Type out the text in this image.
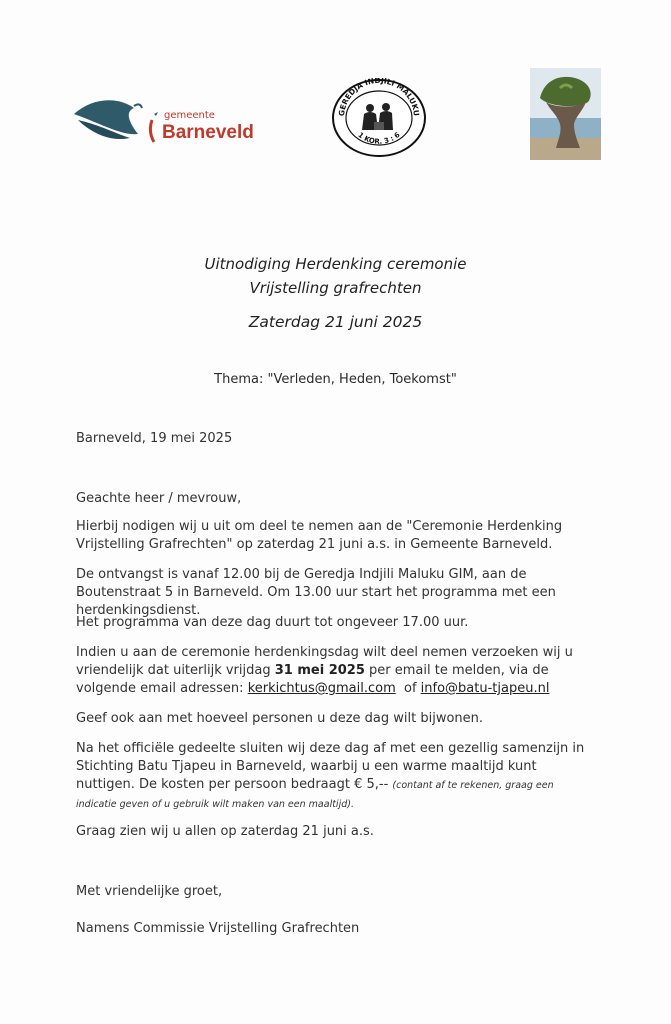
gemeente
Barneveld
GEREDJA INDJILI MALUKU
1 KOR. 3 : 6
Uitnodiging Herdenking ceremonie
Vrijstelling grafrechten
Zaterdag 21 juni 2025
Thema: "Verleden, Heden, Toekomst"
Barneveld, 19 mei 2025
Geachte heer / mevrouw,
Hierbij nodigen wij u uit om deel te nemen aan de "Ceremonie Herdenking Vrijstelling Grafrechten" op zaterdag 21 juni a.s. in Gemeente Barneveld.
De ontvangst is vanaf 12.00 bij de Geredja Indjili Maluku GIM, aan de Boutenstraat 5 in Barneveld. Om 13.00 uur start het programma met een herdenkingsdienst.
Het programma van deze dag duurt tot ongeveer 17.00 uur.
Indien u aan de ceremonie herdenkingsdag wilt deel nemen verzoeken wij u vriendelijk dat uiterlijk vrijdag 31 mei 2025 per email te melden, via de volgende email adressen: kerkichtus@gmail.com  of info@batu-tjapeu.nl
Geef ook aan met hoeveel personen u deze dag wilt bijwonen.
Na het officiële gedeelte sluiten wij deze dag af met een gezellig samenzijn in Stichting Batu Tjapeu in Barneveld, waarbij u een warme maaltijd kunt nuttigen. De kosten per persoon bedraagt € 5,-- (contant af te rekenen, graag een indicatie geven of u gebruik wilt maken van een maaltijd).
Graag zien wij u allen op zaterdag 21 juni a.s.
Met vriendelijke groet,
Namens Commissie Vrijstelling Grafrechten
